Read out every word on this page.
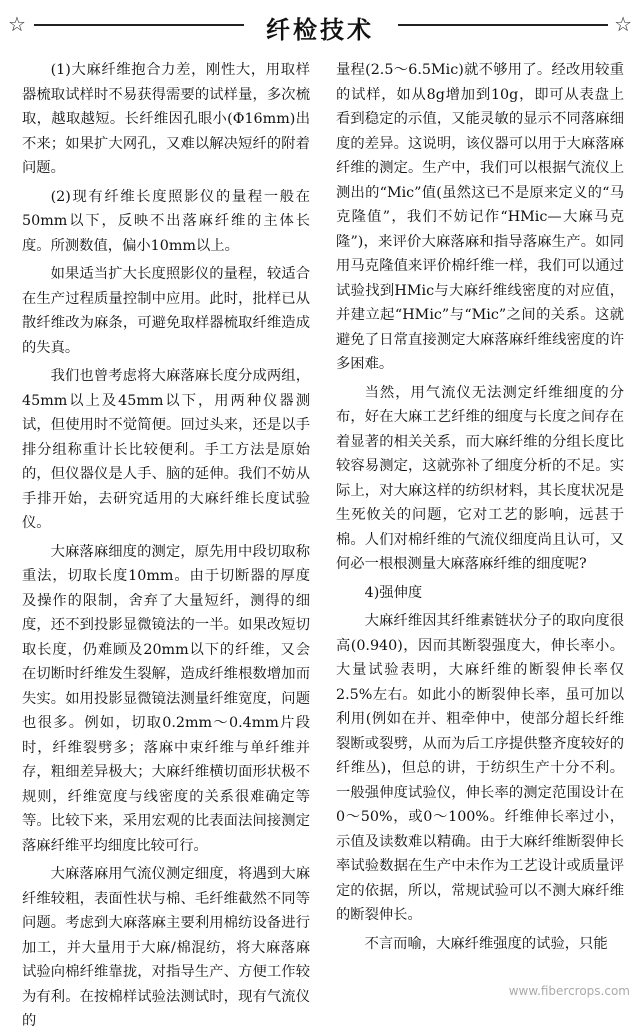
☆	纤检技术	☆

(1)大麻纤维抱合力差，刚性大，用取样器梳取试样时不易获得需要的试样量，多次梳取，越取越短。长纤维因孔眼小(Φ16mm)出不来；如果扩大网孔，又难以解决短纤的附着问题。

(2)现有纤维长度照影仪的量程一般在50mm以下，反映不出落麻纤维的主体长度。所测数值，偏小10mm以上。

如果适当扩大长度照影仪的量程，较适合在生产过程质量控制中应用。此时，批样已从散纤维改为麻条，可避免取样器梳取纤维造成的失真。

我们也曾考虑将大麻落麻长度分成两组，45mm以上及45mm以下，用两种仪器测试，但使用时不觉简便。回过头来，还是以手排分组称重计长比较便利。手工方法是原始的，但仪器仪是人手、脑的延伸。我们不妨从手排开始，去研究适用的大麻纤维长度试验仪。

大麻落麻细度的测定，原先用中段切取称重法，切取长度10mm。由于切断器的厚度及操作的限制，舍弃了大量短纤，测得的细度，还不到投影显微镜法的一半。如果改短切取长度，仍难顾及20mm以下的纤维，又会在切断时纤维发生裂解，造成纤维根数增加而失实。如用投影显微镜法测量纤维宽度，问题也很多。例如，切取0.2mm～0.4mm片段时，纤维裂劈多；落麻中束纤维与单纤维并存，粗细差异极大；大麻纤维横切面形状极不规则，纤维宽度与线密度的关系很难确定等等。比较下来，采用宏观的比表面法间接测定落麻纤维平均细度比较可行。

大麻落麻用气流仪测定细度，将遇到大麻纤维较粗，表面性状与棉、毛纤维截然不同等问题。考虑到大麻落麻主要利用棉纺设备进行加工，并大量用于大麻/棉混纺，将大麻落麻试验向棉纤维靠拢，对指导生产、方便工作较为有利。在按棉样试验法测试时，现有气流仪的

量程(2.5～6.5Mic)就不够用了。经改用较重的试样，如从8g增加到10g，即可从表盘上看到稳定的示值，又能灵敏的显示不同落麻细度的差异。这说明，该仪器可以用于大麻落麻纤维的测定。生产中，我们可以根据气流仪上测出的“Mic”值(虽然这已不是原来定义的“马克隆值”，我们不妨记作“HMic—大麻马克隆”)，来评价大麻落麻和指导落麻生产。如同用马克隆值来评价棉纤维一样，我们可以通过试验找到HMic与大麻纤维线密度的对应值，并建立起“HMic”与“Mic”之间的关系。这就避免了日常直接测定大麻落麻纤维线密度的许多困难。

当然，用气流仪无法测定纤维细度的分布，好在大麻工艺纤维的细度与长度之间存在着显著的相关关系，而大麻纤维的分组长度比较容易测定，这就弥补了细度分析的不足。实际上，对大麻这样的纺织材料，其长度状况是生死攸关的问题，它对工艺的影响，远甚于棉。人们对棉纤维的气流仪细度尚且认可，又何必一根根测量大麻落麻纤维的细度呢?

4)强伸度

大麻纤维因其纤维素链状分子的取向度很高(0.940)，因而其断裂强度大，伸长率小。大量试验表明，大麻纤维的断裂伸长率仅2.5%左右。如此小的断裂伸长率，虽可加以利用(例如在并、粗牵伸中，使部分超长纤维裂断或裂劈，从而为后工序提供整齐度较好的纤维丛)，但总的讲，于纺织生产十分不利。一般强伸度试验仪，伸长率的测定范围设计在0～50%，或0～100%。纤维伸长率过小，示值及读数难以精确。由于大麻纤维断裂伸长率试验数据在生产中未作为工艺设计或质量评定的依据，所以，常规试验可以不测大麻纤维的断裂伸长。

不言而喻，大麻纤维强度的试验，只能

www.fibercrops.com
